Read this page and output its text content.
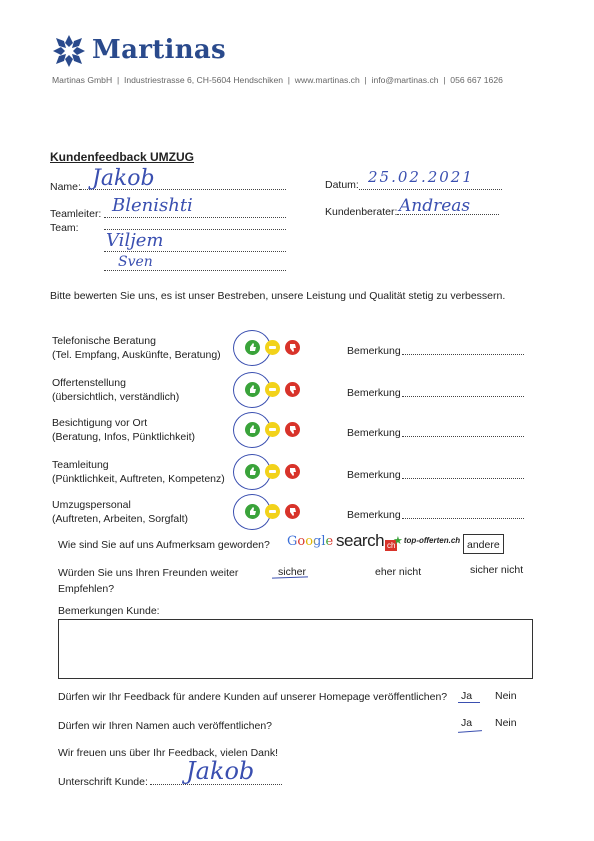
Martinas
Martinas GmbH  |  Industriestrasse 6, CH-5604 Hendschiken  |  www.martinas.ch  |  info@martinas.ch  |  056 667 1626
Kundenfeedback UMZUG
Name: Jakob	Datum: 25.02.2021
Teamleiter: Blenishti	Kundenberater: Andreas
Team:
Viljem
Sven
Bitte bewerten Sie uns, es ist unser Bestreben, unsere Leistung und Qualität stetig zu verbessern.
Telefonische Beratung
(Tel. Empfang, Auskünfte, Beratung)	Bemerkung
Offertenstellung
(übersichtlich, verständlich)	Bemerkung
Besichtigung vor Ort
(Beratung, Infos, Pünktlichkeit)	Bemerkung
Teamleitung
(Pünktlichkeit, Auftreten, Kompetenz)	Bemerkung
Umzugspersonal
(Auftreten, Arbeiten, Sorgfalt)	Bemerkung
Wie sind Sie auf uns Aufmerksam geworden? Google search ch
★ top-offerten.ch andere
Würden Sie uns Ihren Freunden weiter
Empfehlen?
sicher	eher nicht	sicher nicht
Bemerkungen Kunde:
Dürfen wir Ihr Feedback für andere Kunden auf unserer Homepage veröffentlichen? Ja Nein
Dürfen wir Ihren Namen auch veröffentlichen?	Ja Nein
Wir freuen uns über Ihr Feedback, vielen Dank!
Unterschrift Kunde: Jakob
